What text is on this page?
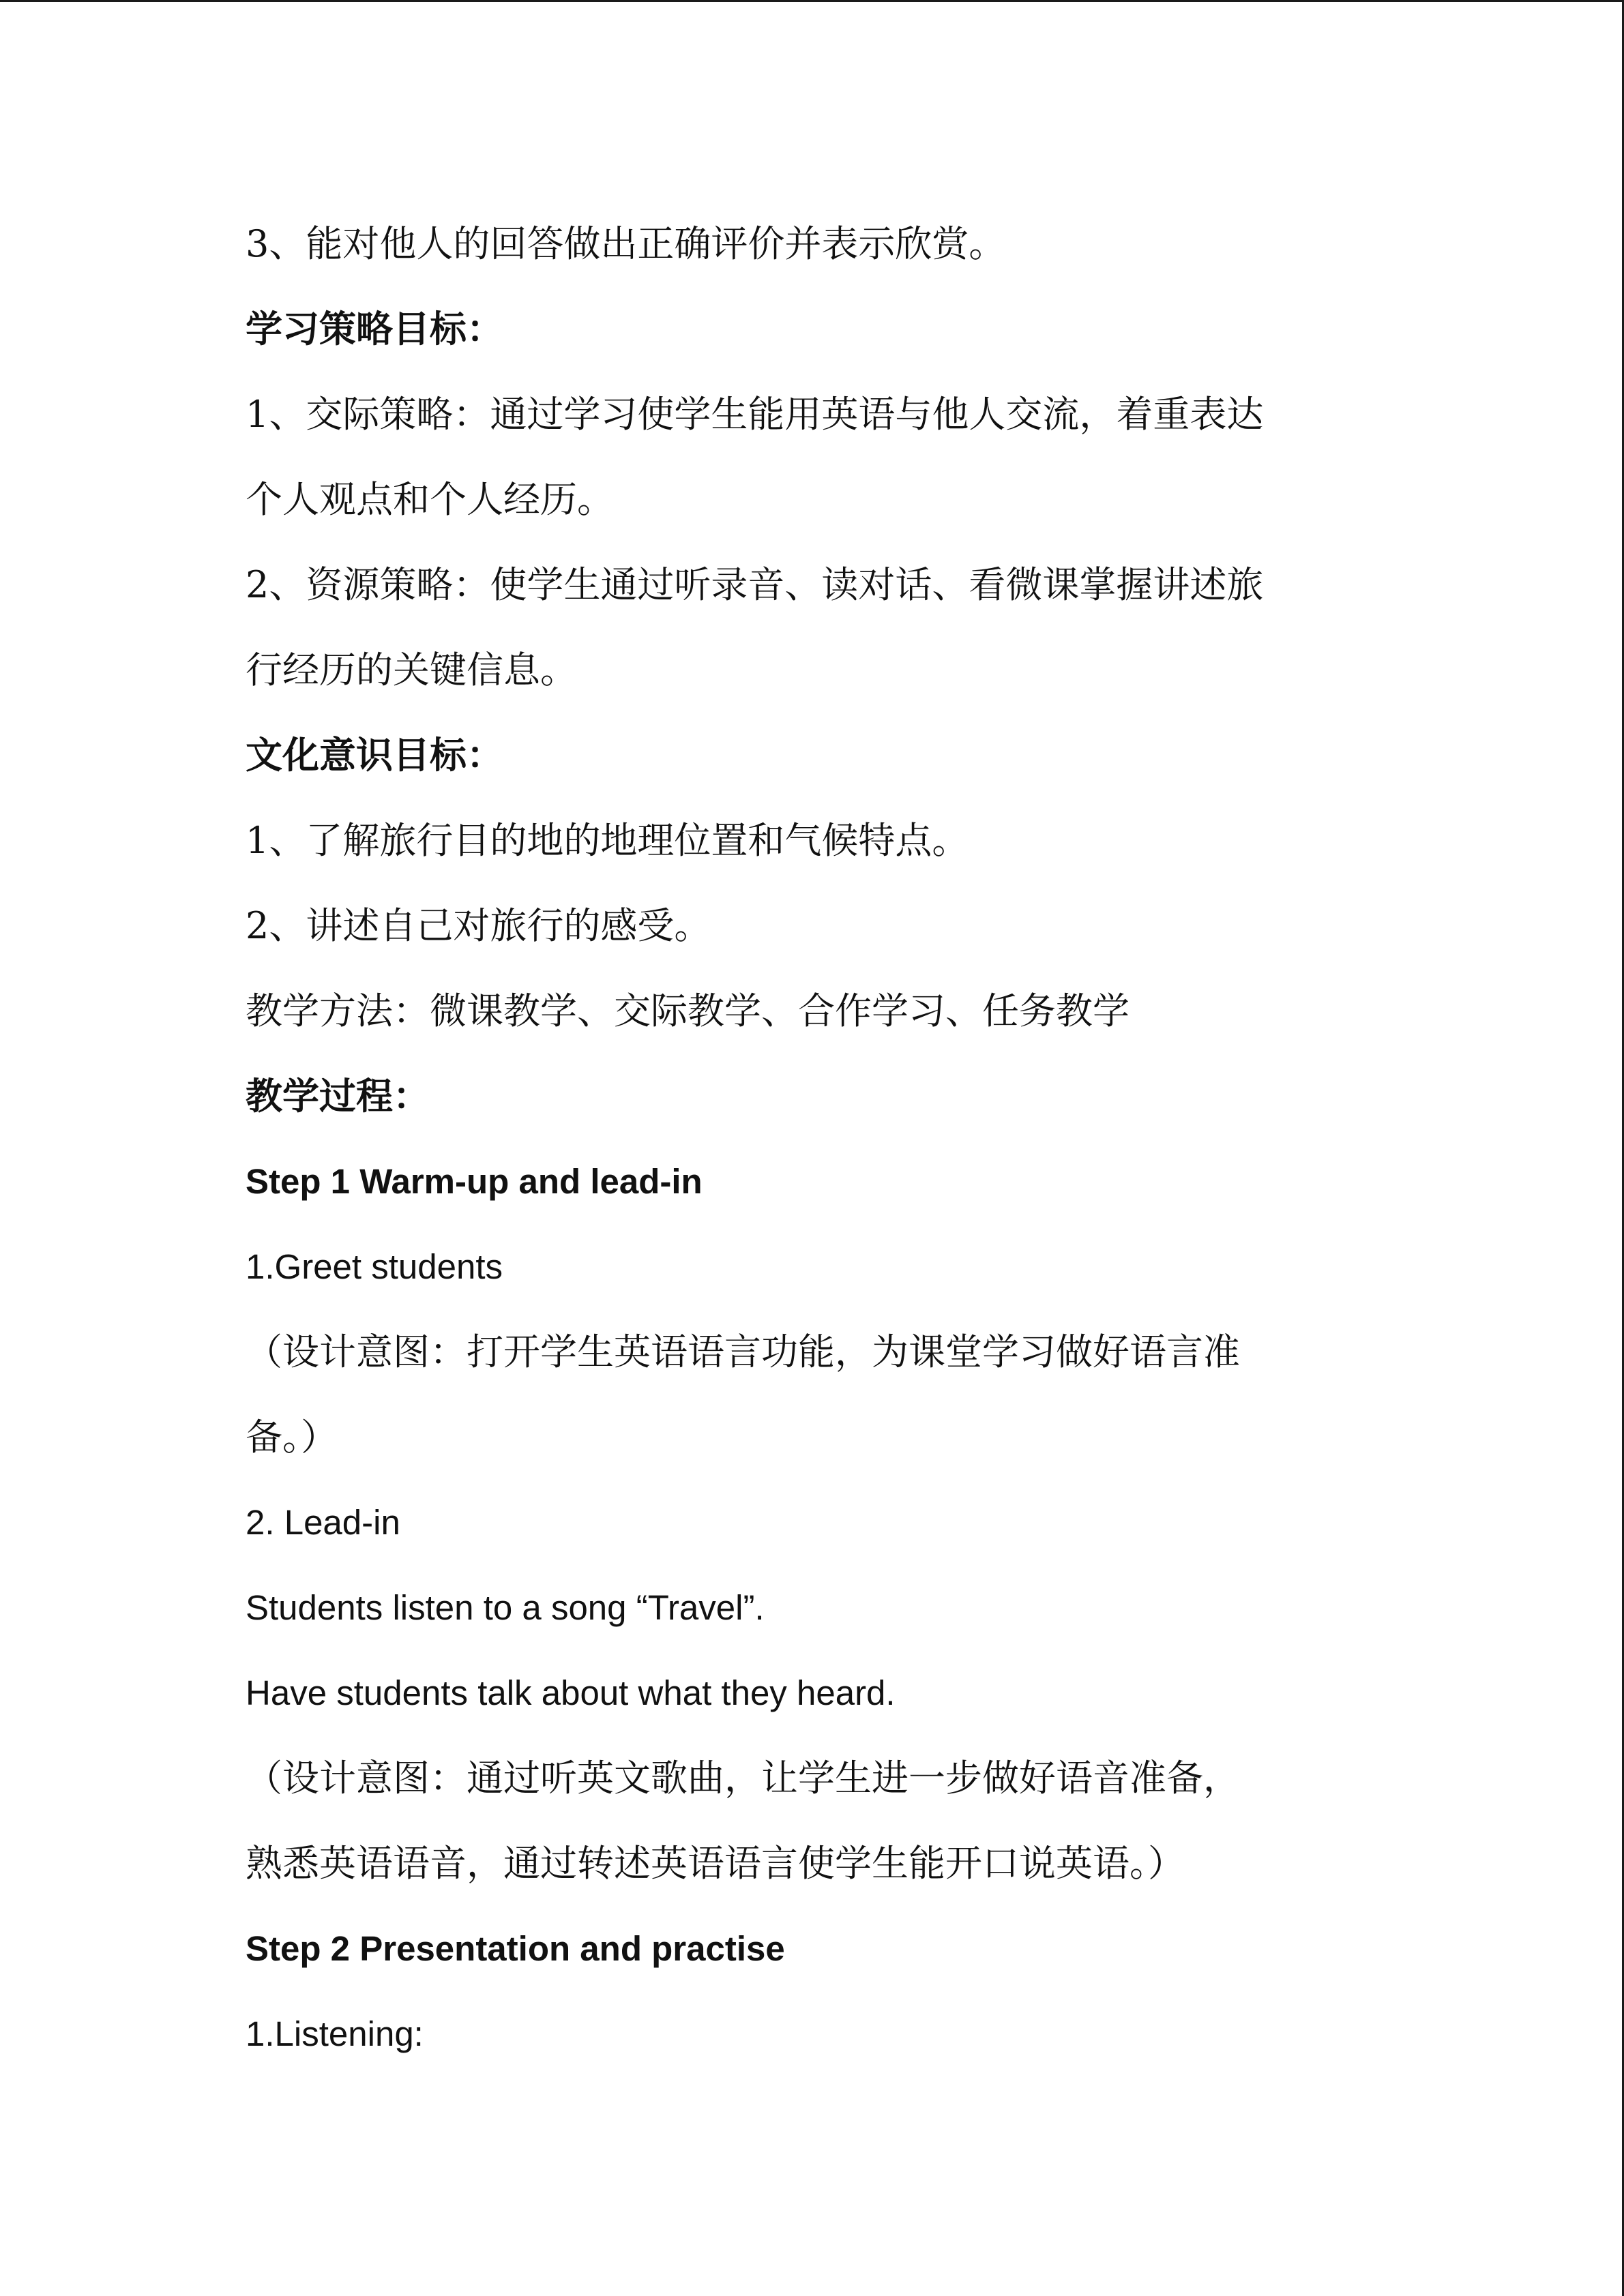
3、能对他人的回答做出正确评价并表示欣赏。
学习策略目标：
1、交际策略：通过学习使学生能用英语与他人交流，着重表达
个人观点和个人经历。
2、资源策略：使学生通过听录音、读对话、看微课掌握讲述旅
行经历的关键信息。
文化意识目标：
1、了解旅行目的地的地理位置和气候特点。
2、讲述自己对旅行的感受。
教学方法：微课教学、交际教学、合作学习、任务教学
教学过程：
Step 1 Warm-up and lead-in
1.Greet students
（设计意图：打开学生英语语言功能，为课堂学习做好语言准
备。）
2. Lead-in
Students listen to a song “Travel”.
Have students talk about what they heard.
（设计意图：通过听英文歌曲，让学生进一步做好语音准备，
熟悉英语语音，通过转述英语语言使学生能开口说英语。）
Step 2 Presentation and practise
1.Listening:
